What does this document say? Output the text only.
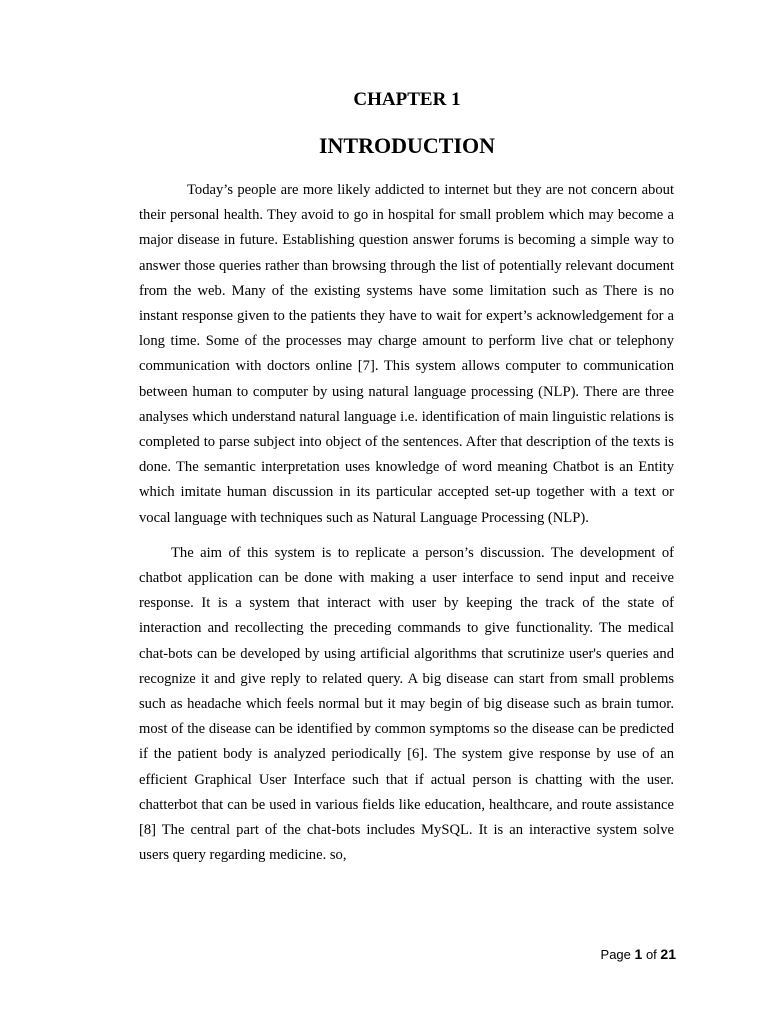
CHAPTER 1
INTRODUCTION

Today’s people are more likely addicted to internet but they are not concern about their personal health. They avoid to go in hospital for small problem which may become a major disease in future. Establishing question answer forums is becoming a simple way to answer those queries rather than browsing through the list of potentially relevant document from the web. Many of the existing systems have some limitation such as There is no instant response given to the patients they have to wait for expert’s acknowledgement for a long time. Some of the processes may charge amount to perform live chat or telephony communication with doctors online [7]. This system allows computer to communication between human to computer by using natural language processing (NLP). There are three analyses which understand natural language i.e. identification of main linguistic relations is completed to parse subject into object of the sentences. After that description of the texts is done. The semantic interpretation uses knowledge of word meaning Chatbot is an Entity which imitate human discussion in its particular accepted set-up together with a text or vocal language with techniques such as Natural Language Processing (NLP).

The aim of this system is to replicate a person’s discussion. The development of chatbot application can be done with making a user interface to send input and receive response. It is a system that interact with user by keeping the track of the state of interaction and recollecting the preceding commands to give functionality. The medical chat-bots can be developed by using artificial algorithms that scrutinize user's queries and recognize it and give reply to related query. A big disease can start from small problems such as headache which feels normal but it may begin of big disease such as brain tumor. most of the disease can be identified by common symptoms so the disease can be predicted if the patient body is analyzed periodically [6]. The system give response by use of an efficient Graphical User Interface such that if actual person is chatting with the user. chatterbot that can be used in various fields like education, healthcare, and route assistance [8] The central part of the chat-bots includes MySQL. It is an interactive system solve users query regarding medicine. so,

Page 1 of 21
